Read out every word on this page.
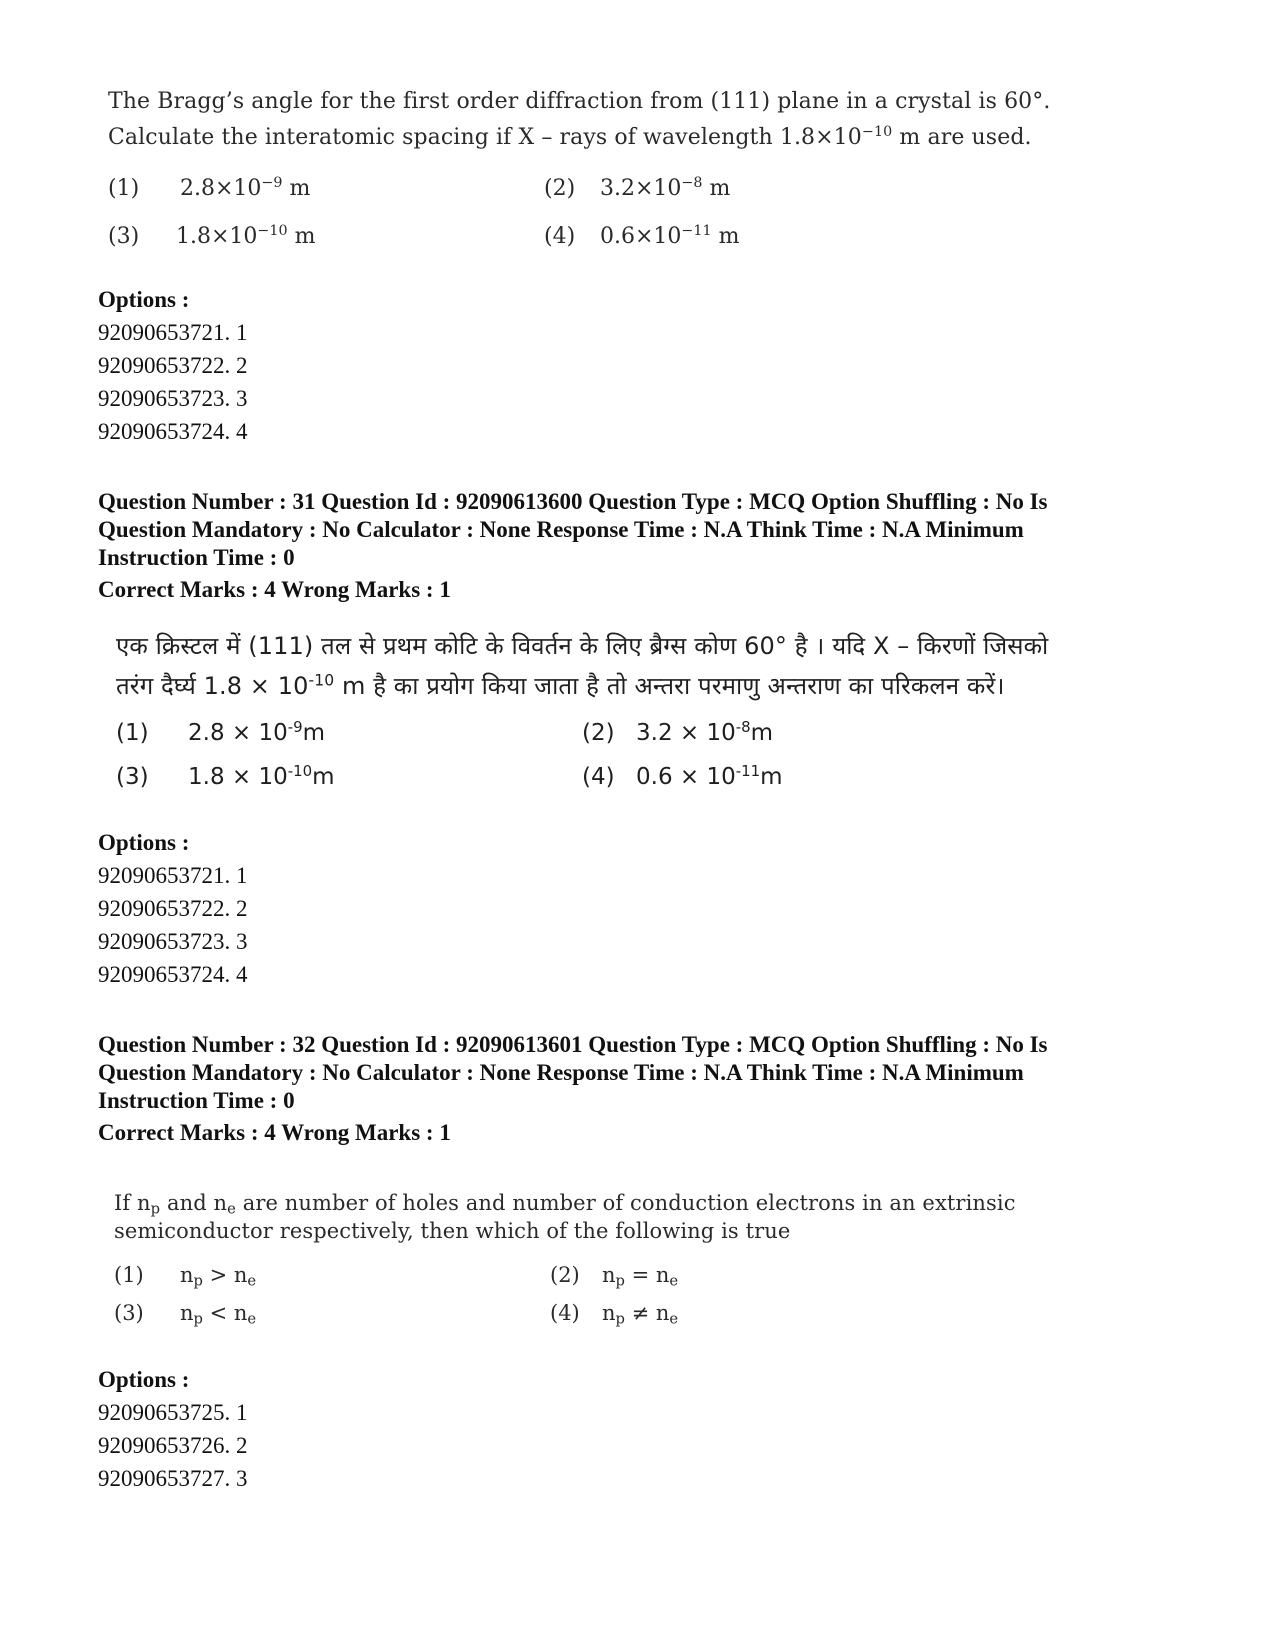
The Bragg’s angle for the first order diffraction from (111) plane in a crystal is 60°.
Calculate the interatomic spacing if X – rays of wavelength $1.8\times 10^{-10}$ m are used.
(1) $2.8\times 10^{-9}$ m	(2) $3.2\times 10^{-8}$ m
(3) $1.8\times 10^{-10}$ m	(4) $0.6\times 10^{-11}$ m
Options :
92090653721. 1
92090653722. 2
92090653723. 3
92090653724. 4
Question Number : 31 Question Id : 92090613600 Question Type : MCQ Option Shuffling : No Is
Question Mandatory : No Calculator : None Response Time : N.A Think Time : N.A Minimum
Instruction Time : 0
Correct Marks : 4 Wrong Marks : 1
एक क्रिस्टल में (111) तल से प्रथम कोटि के विवर्तन के लिए ब्रैग्स कोण 60° है । यदि X – किरणों जिसको
तरंग दैर्घ्य $1.8 \times 10^{-10}$ m है का प्रयोग किया जाता है तो अन्तरा परमाणु अन्तराण का परिकलन करें।
(1) $2.8 \times 10^{-9}m$	(2) $3.2 \times 10^{-8}m$
(3) $1.8 \times 10^{-10}m$	(4) $0.6 \times 10^{-11}m$
Options :
92090653721. 1
92090653722. 2
92090653723. 3
92090653724. 4
Question Number : 32 Question Id : 92090613601 Question Type : MCQ Option Shuffling : No Is
Question Mandatory : No Calculator : None Response Time : N.A Think Time : N.A Minimum
Instruction Time : 0
Correct Marks : 4 Wrong Marks : 1
If $n_p$ and $n_e$ are number of holes and number of conduction electrons in an extrinsic
semiconductor respectively, then which of the following is true
(1) $n_p > n_e$	(2) $n_p = n_e$
(3) $n_p < n_e$	(4) $n_p \ne n_e$
Options :
92090653725. 1
92090653726. 2
92090653727. 3
